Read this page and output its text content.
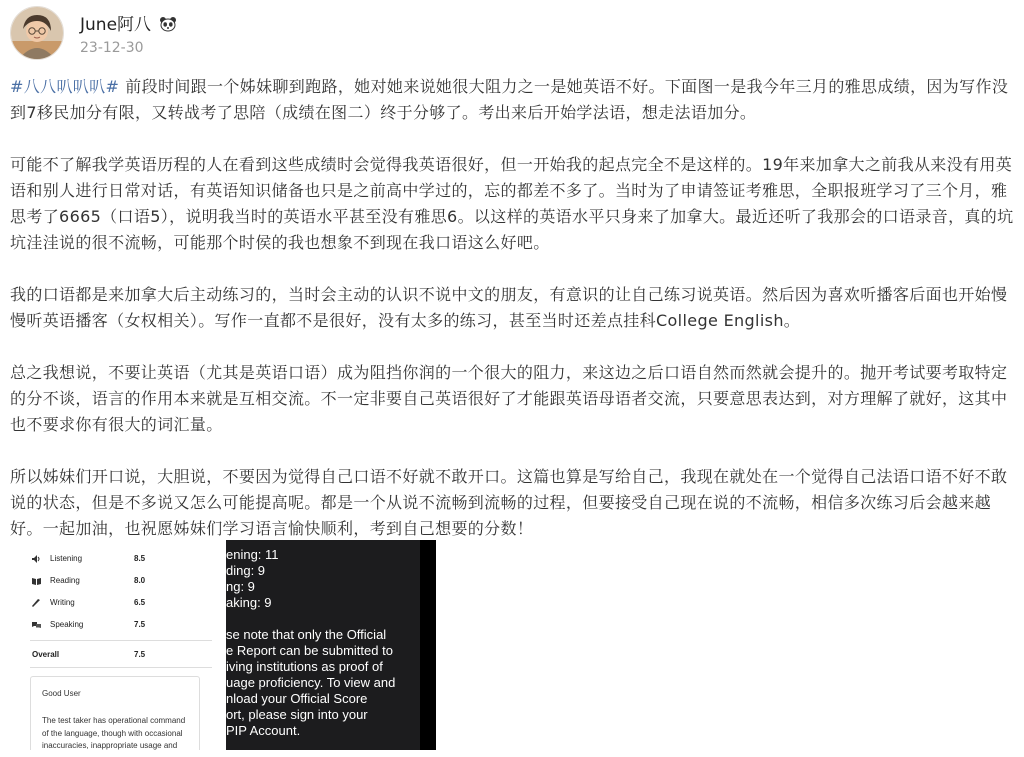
June阿八
23-12-30

#八八叭叭叭# 前段时间跟一个姊妹聊到跑路，她对她来说她很大阻力之一是她英语不好。下面图一是我今年三月的雅思成绩，因为写作没到7移民加分有限，又转战考了思陪（成绩在图二）终于分够了。考出来后开始学法语，想走法语加分。

可能不了解我学英语历程的人在看到这些成绩时会觉得我英语很好，但一开始我的起点完全不是这样的。19年来加拿大之前我从来没有用英语和别人进行日常对话，有英语知识储备也只是之前高中学过的，忘的都差不多了。当时为了申请签证考雅思，全职报班学习了三个月，雅思考了6665（口语5），说明我当时的英语水平甚至没有雅思6。以这样的英语水平只身来了加拿大。最近还听了我那会的口语录音，真的坑坑洼洼说的很不流畅，可能那个时侯的我也想象不到现在我口语这么好吧。

我的口语都是来加拿大后主动练习的，当时会主动的认识不说中文的朋友，有意识的让自己练习说英语。然后因为喜欢听播客后面也开始慢慢听英语播客（女权相关）。写作一直都不是很好，没有太多的练习，甚至当时还差点挂科College English。

总之我想说，不要让英语（尤其是英语口语）成为阻挡你润的一个很大的阻力，来这边之后口语自然而然就会提升的。抛开考试要考取特定的分不谈，语言的作用本来就是互相交流。不一定非要自己英语很好了才能跟英语母语者交流，只要意思表达到，对方理解了就好，这其中也不要求你有很大的词汇量。

所以姊妹们开口说，大胆说，不要因为觉得自己口语不好就不敢开口。这篇也算是写给自己，我现在就处在一个觉得自己法语口语不好不敢说的状态，但是不多说又怎么可能提高呢。都是一个从说不流畅到流畅的过程，但要接受自己现在说的不流畅，相信多次练习后会越来越好。一起加油，也祝愿姊妹们学习语言愉快顺利，考到自己想要的分数！

Listening	8.5
Reading	8.0
Writing	6.5
Speaking	7.5
Overall	7.5
Good User
The test taker has operational command of the language, though with occasional inaccuracies, inappropriate usage and
ening: 11
ding: 9
ng: 9
aking: 9
se note that only the Official
e Report can be submitted to
iving institutions as proof of
uage proficiency. To view and
nload your Official Score
ort, please sign into your
PIP Account.
